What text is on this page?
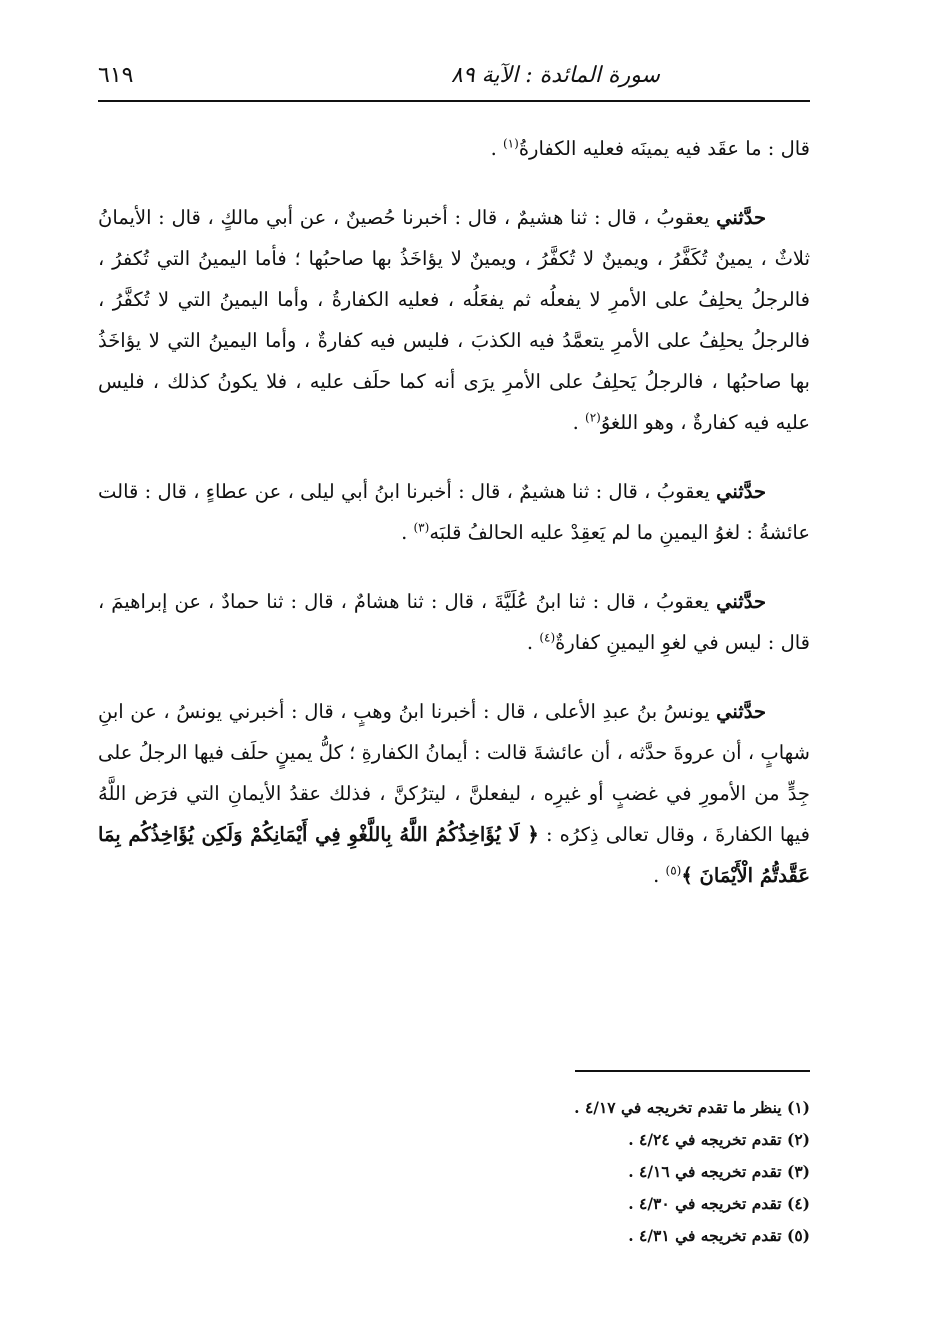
سورة المائدة : الآية ٨٩
٦١٩

قال : ما عقَد فيه يمينَه فعليه الكفارةُ$^{(١)}$ .

حدَّثني يعقوبُ ، قال : ثنا هشيمٌ ، قال : أخبرنا حُصينٌ ، عن أبي مالكٍ ، قال : الأيمانُ ثلاثٌ ، يمينٌ تُكَفَّرُ ، ويمينٌ لا تُكفَّرُ ، ويمينٌ لا يؤاخَذُ بها صاحبُها ؛ فأما اليمينُ التي تُكفرُ ، فالرجلُ يحلِفُ على الأمرِ لا يفعلُه ثم يفعَلُه ، فعليه الكفارةُ ، وأما اليمينُ التي لا تُكفَّرُ ، فالرجلُ يحلِفُ على الأمرِ يتعمَّدُ فيه الكذبَ ، فليس فيه كفارةٌ ، وأما اليمينُ التي لا يؤاخَذُ بها صاحبُها ، فالرجلُ يَحلِفُ على الأمرِ يرَى أنه كما حلَف عليه ، فلا يكونُ كذلك ، فليس عليه فيه كفارةٌ ، وهو اللغوُ$^{(٢)}$ .

حدَّثني يعقوبُ ، قال : ثنا هشيمٌ ، قال : أخبرنا ابنُ أبي ليلى ، عن عطاءٍ ، قال : قالت عائشةُ : لغوُ اليمينِ ما لم يَعقِدْ عليه الحالفُ قلبَه$^{(٣)}$ .

حدَّثني يعقوبُ ، قال : ثنا ابنُ عُلَيَّةَ ، قال : ثنا هشامٌ ، قال : ثنا حمادٌ ، عن إبراهيمَ ، قال : ليس في لغوِ اليمينِ كفارةٌ$^{(٤)}$ .

حدَّثني يونسُ بنُ عبدِ الأعلى ، قال : أخبرنا ابنُ وهبٍ ، قال : أخبرني يونسُ ، عن ابنِ شهابٍ ، أن عروةَ حدَّثه ، أن عائشةَ قالت : أيمانُ الكفارةِ ؛ كلُّ يمينٍ حلَف فيها الرجلُ على جِدٍّ من الأمورِ في غضبٍ أو غيرِه ، ليفعلنَّ ، ليترُكنَّ ، فذلك عقدُ الأيمانِ التي فرَض اللَّهُ فيها الكفارةَ ، وقال تعالى ذِكرُه : ﴿ لَا يُؤَاخِذُكُمُ اللَّهُ بِاللَّغْوِ فِي أَيْمَانِكُمْ وَلَكِن يُؤَاخِذُكُم بِمَا عَقَّدتُّمُ الْأَيْمَانَ ﴾$^{(٥)}$ .

(١) ينظر ما تقدم تخريجه في ٤/١٧ .

(٢) تقدم تخريجه في ٤/٢٤ .

(٣) تقدم تخريجه في ٤/١٦ .

(٤) تقدم تخريجه في ٤/٣٠ .

(٥) تقدم تخريجه في ٤/٣١ .
